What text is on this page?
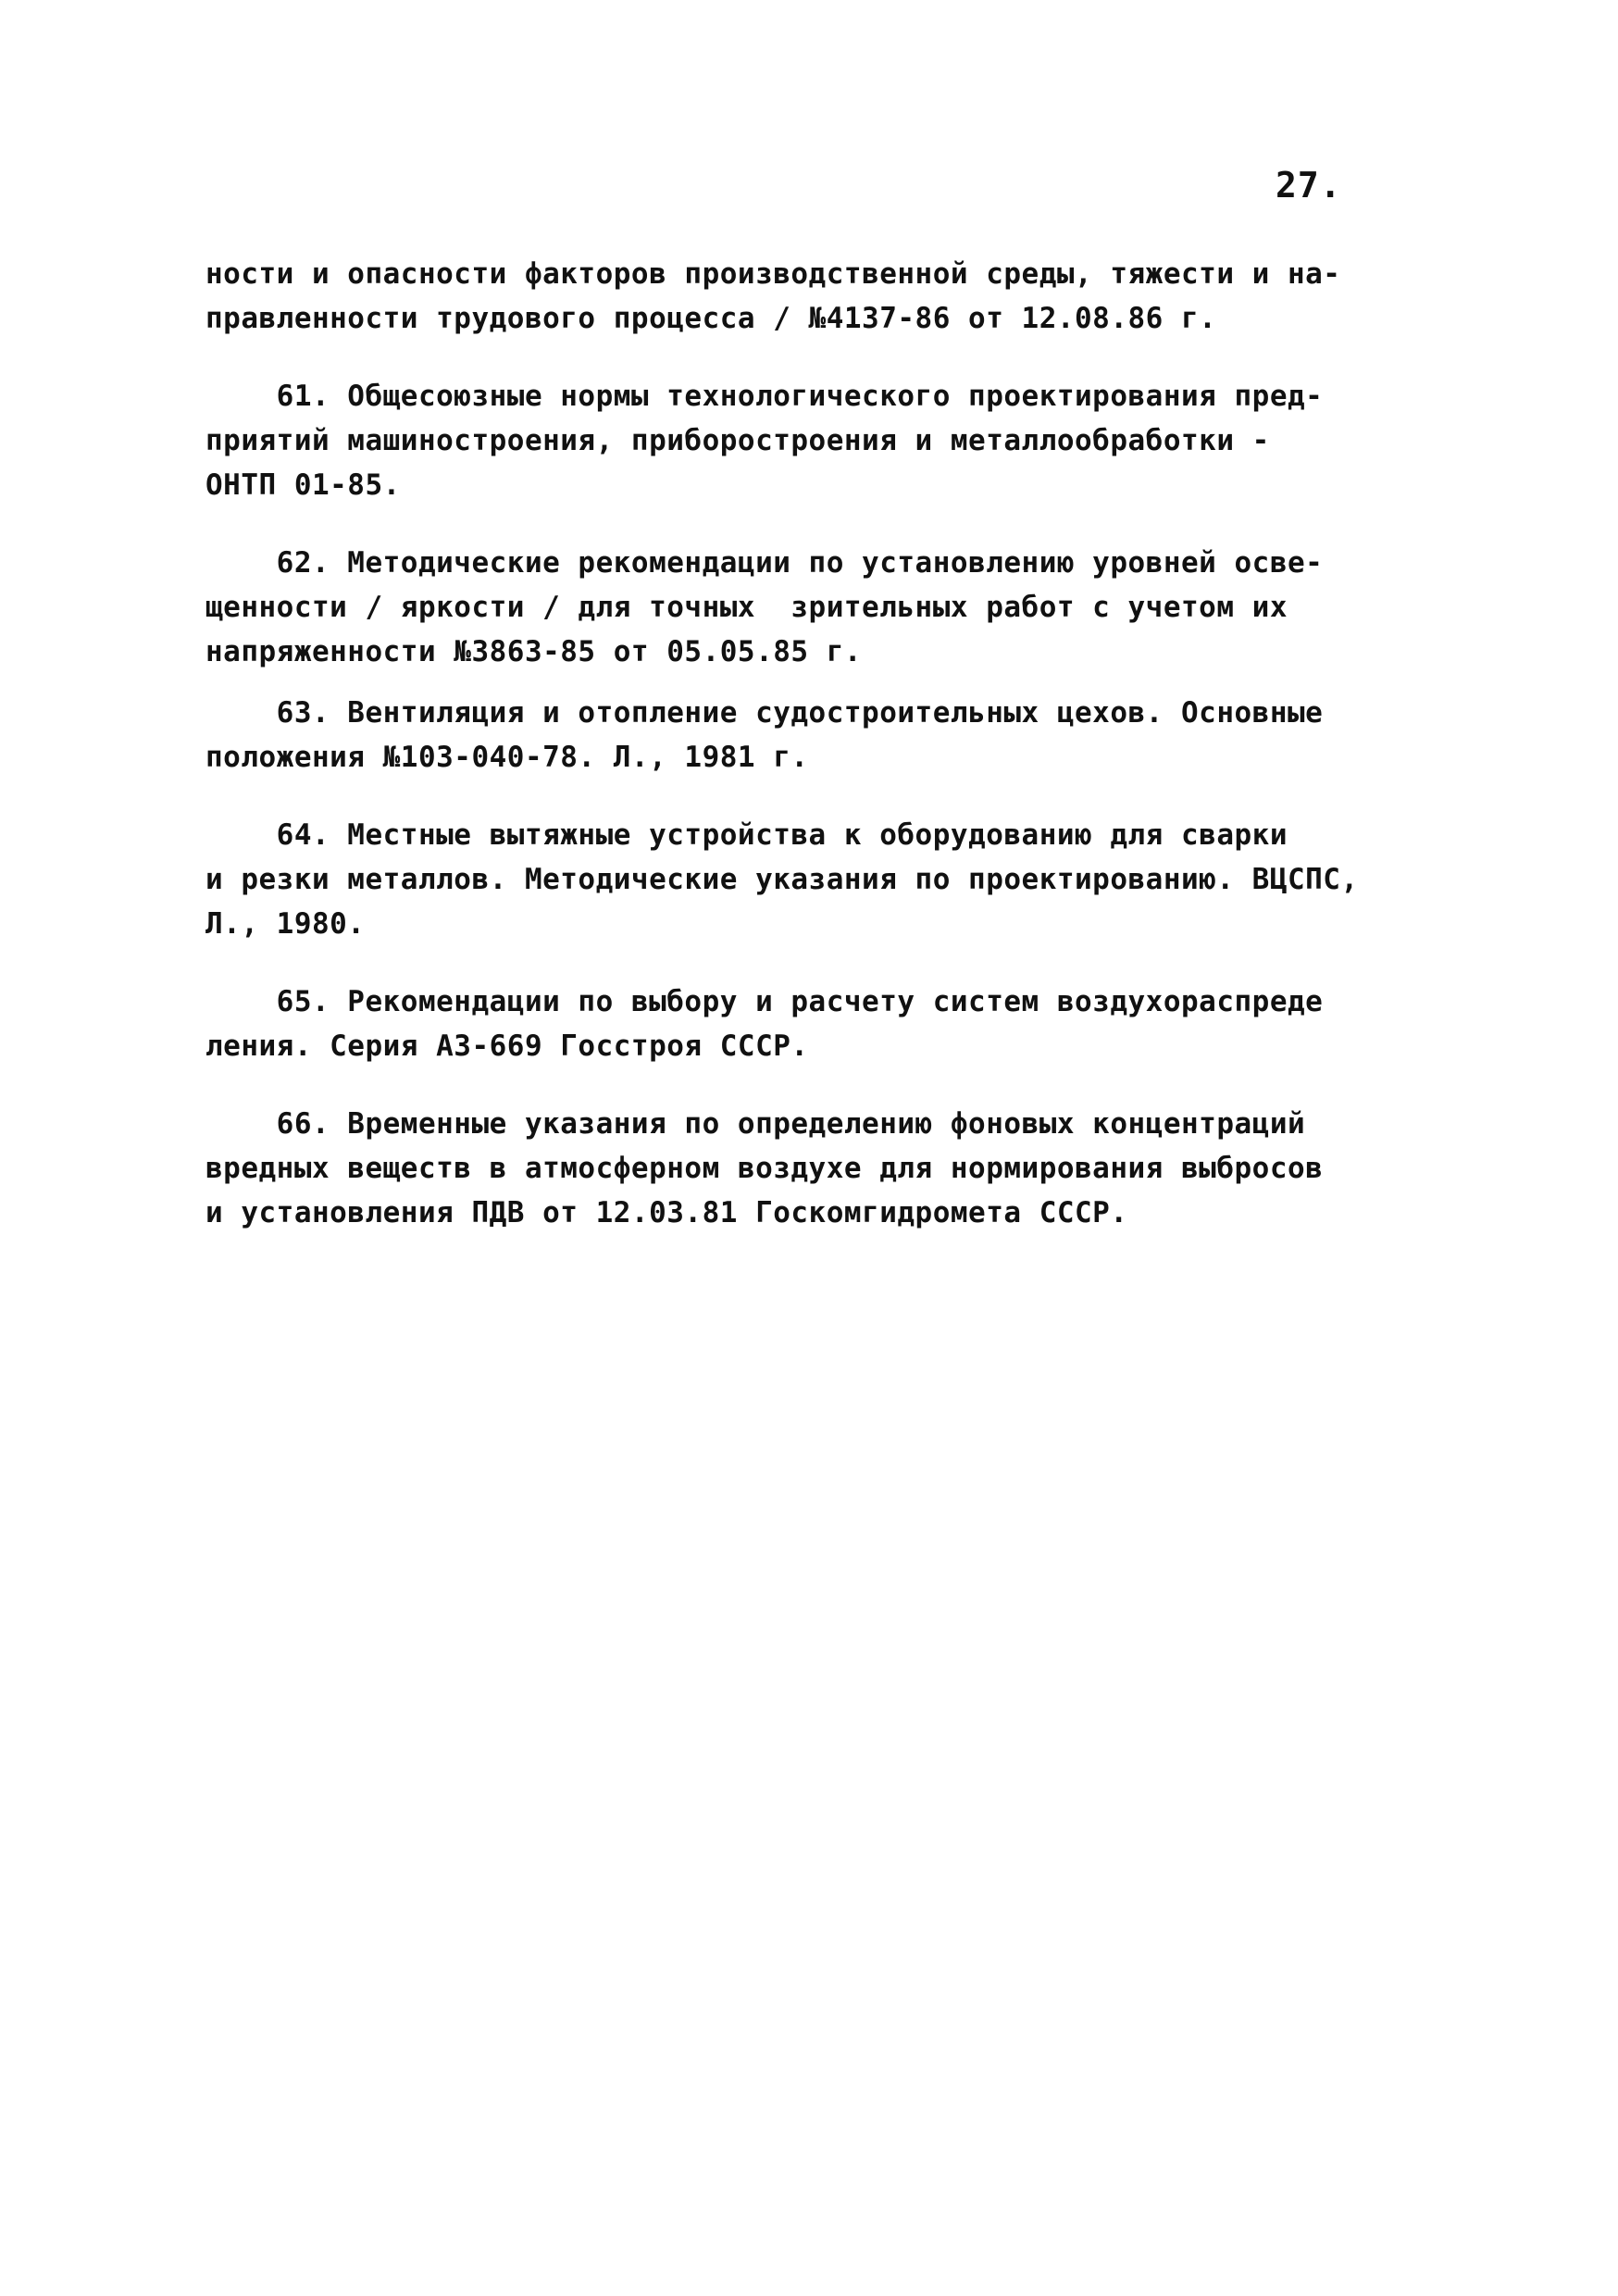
27.
ности и опасности факторов производственной среды, тяжести и на-
правленности трудового процесса / №4137-86 от 12.08.86 г.
61. Общесоюзные нормы технологического проектирования пред-
приятий машиностроения, приборостроения и металлообработки -
ОНТП 01-85.
62. Методические рекомендации по установлению уровней осве-
щенности / яркости / для точных  зрительных работ с учетом их
напряженности №3863-85 от 05.05.85 г.
63. Вентиляция и отопление судостроительных цехов. Основные
положения №103-040-78. Л., 1981 г.
64. Местные вытяжные устройства к оборудованию для сварки
и резки металлов. Методические указания по проектированию. ВЦСПС,
Л., 1980.
65. Рекомендации по выбору и расчету систем воздухораспреде
ления. Серия А3-669 Госстроя СССР.
66. Временные указания по определению фоновых концентраций
вредных веществ в атмосферном воздухе для нормирования выбросов
и установления ПДВ от 12.03.81 Госкомгидромета СССР.
